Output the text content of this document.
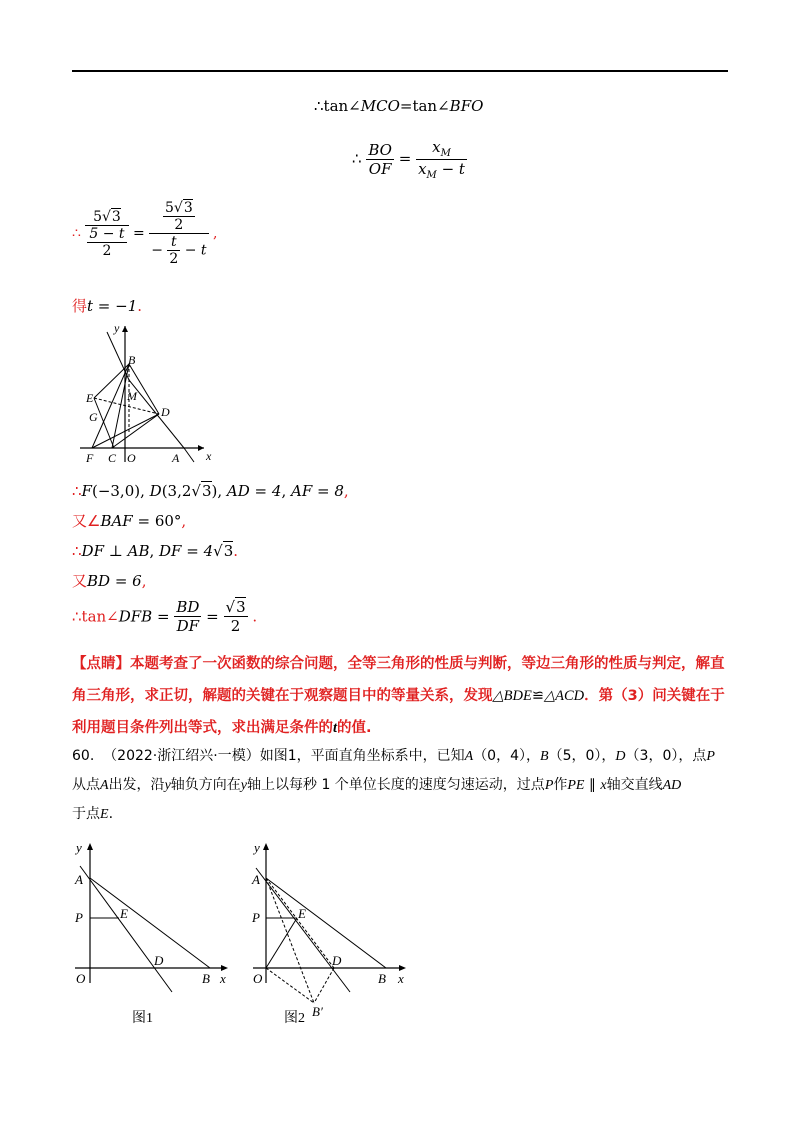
∴tan∠MCO=tan∠BFO
∴ $\frac{BO}{OF} = \frac{x_M}{x_M - t}$
∴ $\frac{5√3}{\frac{5 - t}{2}} = \frac{\frac{5√3}{2}}{- \frac{t}{2} - t}$ ,
得t = −1.
y
x
B
E	M
G	D
F C O	A
∴F(−3,0), D(3,2√3), AD = 4, AF = 8,
又∠BAF = 60°,
∴DF ⊥ AB, DF = 4√3.
又BD = 6,
∴tan∠DFB = $\frac{BD}{DF} = \frac{√3}{2}$ .
【点睛】本题考查了一次函数的综合问题，全等三角形的性质与判断，等边三角形的性质与判定，解直角三角形，求正切，解题的关键在于观察题目中的等量关系，发现△BDE≌△ACD．第（3）问关键在于利用题目条件列出等式，求出满足条件的t的值.
60. （2022·浙江绍兴·一模）如图1，平面直角坐标系中，已知A（0，4），B（5，0），D（3，0），点P
从点A出发，沿y轴负方向在y轴上以每秒 1 个单位长度的速度匀速运动，过点P作PE ∥ x轴交直线AD
于点E.
y
A
P	E
O
D
B x
图1
y
A
P	E
O
D
B x
B′
图2
